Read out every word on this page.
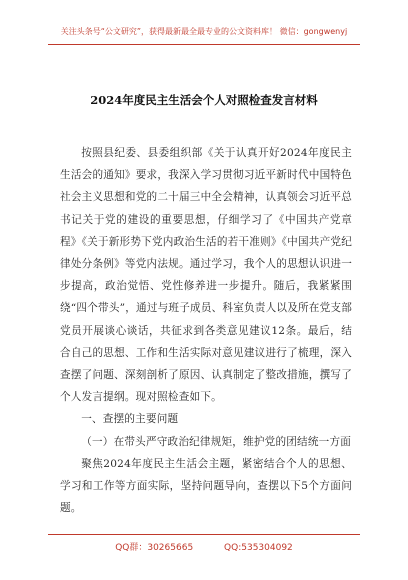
关注头条号“公文研究”，获得最新最全最专业的公文资料库！ 微信：gongwenyj
2024年度民主生活会个人对照检查发言材料

按照县纪委、县委组织部《关于认真开好2024年度民主生活会的通知》要求，我深入学习贯彻习近平新时代中国特色社会主义思想和党的二十届三中全会精神，认真领会习近平总书记关于党的建设的重要思想，仔细学习了《中国共产党章程》《关于新形势下党内政治生活的若干准则》《中国共产党纪律处分条例》等党内法规。通过学习，我个人的思想认识进一步提高，政治觉悟、党性修养进一步提升。随后，我紧紧围绕“四个带头”，通过与班子成员、科室负责人以及所在党支部党员开展谈心谈话，共征求到各类意见建议12条。最后，结合自己的思想、工作和生活实际对意见建议进行了梳理，深入查摆了问题、深刻剖析了原因、认真制定了整改措施，撰写了个人发言提纲。现对照检查如下。

一、查摆的主要问题

（一）在带头严守政治纪律规矩，维护党的团结统一方面

聚焦2024年度民主生活会主题，紧密结合个人的思想、学习和工作等方面实际，坚持问题导向，查摆以下5个方面问题。

QQ群：30265665	QQ:535304092
